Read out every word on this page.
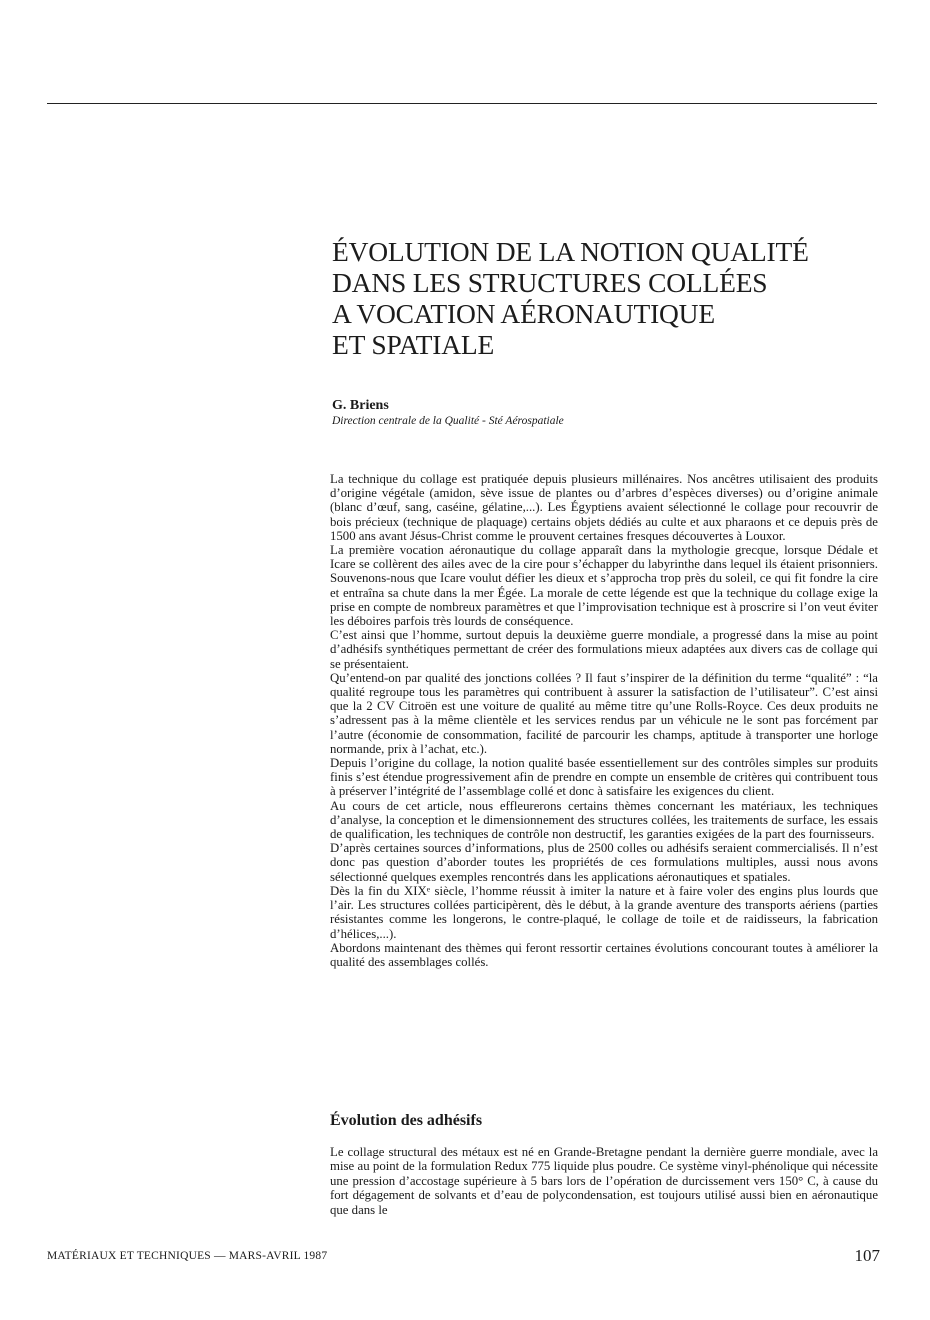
ÉVOLUTION DE LA NOTION QUALITÉ
DANS LES STRUCTURES COLLÉES
A VOCATION AÉRONAUTIQUE
ET SPATIALE

G. Briens

Direction centrale de la Qualité - Sté Aérospatiale

La technique du collage est pratiquée depuis plusieurs millénaires. Nos ancêtres utilisaient des produits d’origine végétale (amidon, sève issue de plantes ou d’arbres d’espèces diverses) ou d’origine animale (blanc d’œuf, sang, caséine, gélatine,...). Les Égyptiens avaient sélectionné le collage pour recouvrir de bois précieux (technique de plaquage) certains objets dédiés au culte et aux pharaons et ce depuis près de 1500 ans avant Jésus-Christ comme le prouvent certaines fresques découvertes à Louxor.

La première vocation aéronautique du collage apparaît dans la mythologie grecque, lorsque Dédale et Icare se collèrent des ailes avec de la cire pour s’échapper du labyrinthe dans lequel ils étaient prisonniers. Souvenons-nous que Icare voulut défier les dieux et s’approcha trop près du soleil, ce qui fit fondre la cire et entraîna sa chute dans la mer Égée. La morale de cette légende est que la technique du collage exige la prise en compte de nombreux paramètres et que l’improvisation technique est à proscrire si l’on veut éviter les déboires parfois très lourds de conséquence.

C’est ainsi que l’homme, surtout depuis la deuxième guerre mondiale, a progressé dans la mise au point d’adhésifs synthétiques permettant de créer des formulations mieux adaptées aux divers cas de collage qui se présentaient.

Qu’entend-on par qualité des jonctions collées ? Il faut s’inspirer de la définition du terme “qualité” : “la qualité regroupe tous les paramètres qui contribuent à assurer la satisfaction de l’utilisateur”. C’est ainsi que la 2 CV Citroën est une voiture de qualité au même titre qu’une Rolls-Royce. Ces deux produits ne s’adressent pas à la même clientèle et les services rendus par un véhicule ne le sont pas forcément par l’autre (économie de consommation, facilité de parcourir les champs, aptitude à transporter une horloge normande, prix à l’achat, etc.).

Depuis l’origine du collage, la notion qualité basée essentiellement sur des contrôles simples sur produits finis s’est étendue progressivement afin de prendre en compte un ensemble de critères qui contribuent tous à préserver l’intégrité de l’assemblage collé et donc à satisfaire les exigences du client.

Au cours de cet article, nous effleurerons certains thèmes concernant les matériaux, les techniques d’analyse, la conception et le dimensionnement des structures collées, les traitements de surface, les essais de qualification, les techniques de contrôle non destructif, les garanties exigées de la part des fournisseurs.

D’après certaines sources d’informations, plus de 2500 colles ou adhésifs seraient commercialisés. Il n’est donc pas question d’aborder toutes les propriétés de ces formulations multiples, aussi nous avons sélectionné quelques exemples rencontrés dans les applications aéronautiques et spatiales.

Dès la fin du XIXᵉ siècle, l’homme réussit à imiter la nature et à faire voler des engins plus lourds que l’air. Les structures collées participèrent, dès le début, à la grande aventure des transports aériens (parties résistantes comme les longerons, le contre-plaqué, le collage de toile et de raidisseurs, la fabrication d’hélices,...).

Abordons maintenant des thèmes qui feront ressortir certaines évolutions concourant toutes à améliorer la qualité des assemblages collés.

Évolution des adhésifs

Le collage structural des métaux est né en Grande-Bretagne pendant la dernière guerre mondiale, avec la mise au point de la formulation Redux 775 liquide plus poudre. Ce système vinyl-phénolique qui nécessite une pression d’accostage supérieure à 5 bars lors de l’opération de durcissement vers 150° C, à cause du fort dégagement de solvants et d’eau de polycondensation, est toujours utilisé aussi bien en aéronautique que dans le

MATÉRIAUX ET TECHNIQUES — MARS-AVRIL 1987	107
